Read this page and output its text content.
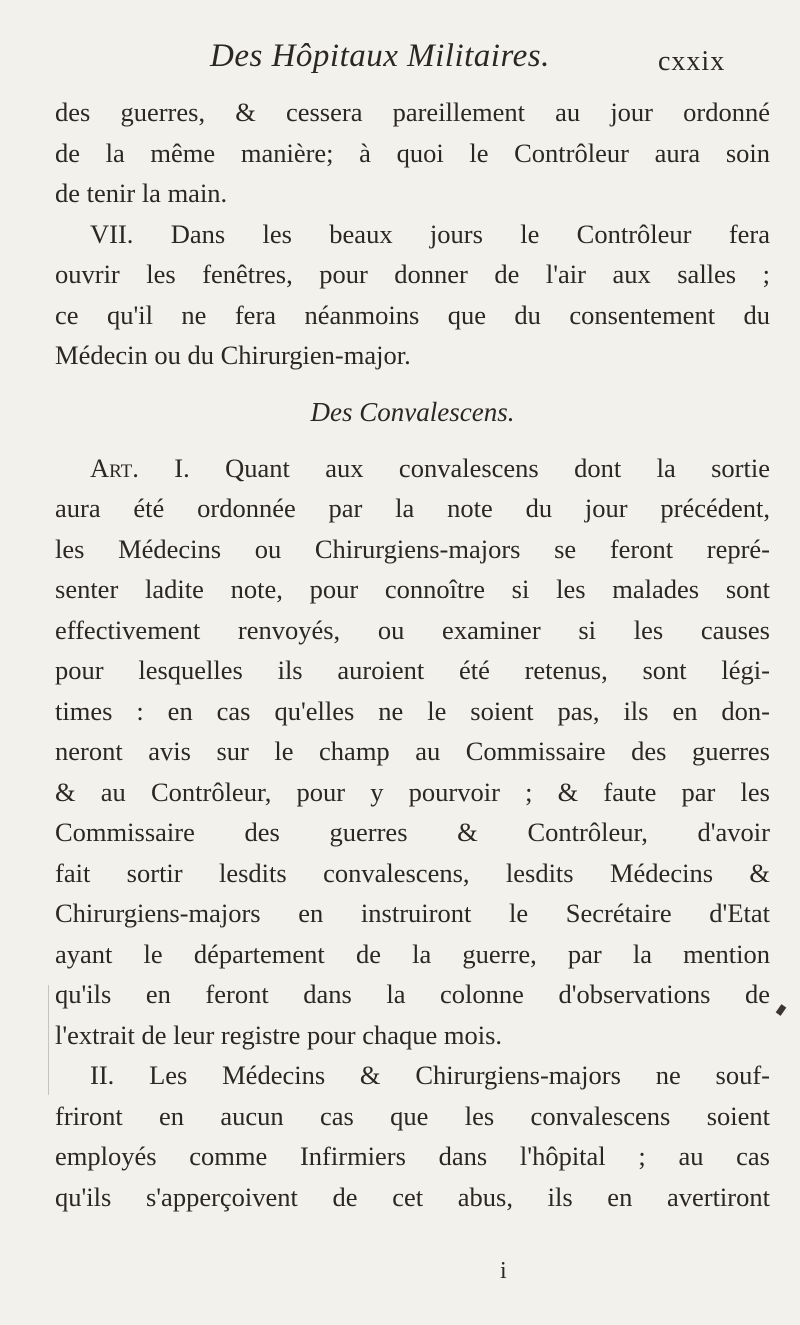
Des Hôpitaux Militaires.	cxxix
des guerres, & cessera pareillement au jour ordonné
de la même manière; à quoi le Contrôleur aura soin
de tenir la main.
VII. Dans les beaux jours le Contrôleur fera
ouvrir les fenêtres, pour donner de l'air aux salles ;
ce qu'il ne fera néanmoins que du consentement du
Médecin ou du Chirurgien-major.
Des Convalescens.
Art. I. Quant aux convalescens dont la sortie
aura été ordonnée par la note du jour précédent,
les Médecins ou Chirurgiens-majors se feront repré-
senter ladite note, pour connoître si les malades sont
effectivement renvoyés, ou examiner si les causes
pour lesquelles ils auroient été retenus, sont légi-
times : en cas qu'elles ne le soient pas, ils en don-
neront avis sur le champ au Commissaire des guerres
& au Contrôleur, pour y pourvoir ; & faute par les
Commissaire des guerres & Contrôleur, d'avoir
fait sortir lesdits convalescens, lesdits Médecins &
Chirurgiens-majors en instruiront le Secrétaire d'Etat
ayant le département de la guerre, par la mention
qu'ils en feront dans la colonne d'observations de
l'extrait de leur registre pour chaque mois.
II. Les Médecins & Chirurgiens-majors ne souf-
friront en aucun cas que les convalescens soient
employés comme Infirmiers dans l'hôpital ; au cas
qu'ils s'apperçoivent de cet abus, ils en avertiront
i
